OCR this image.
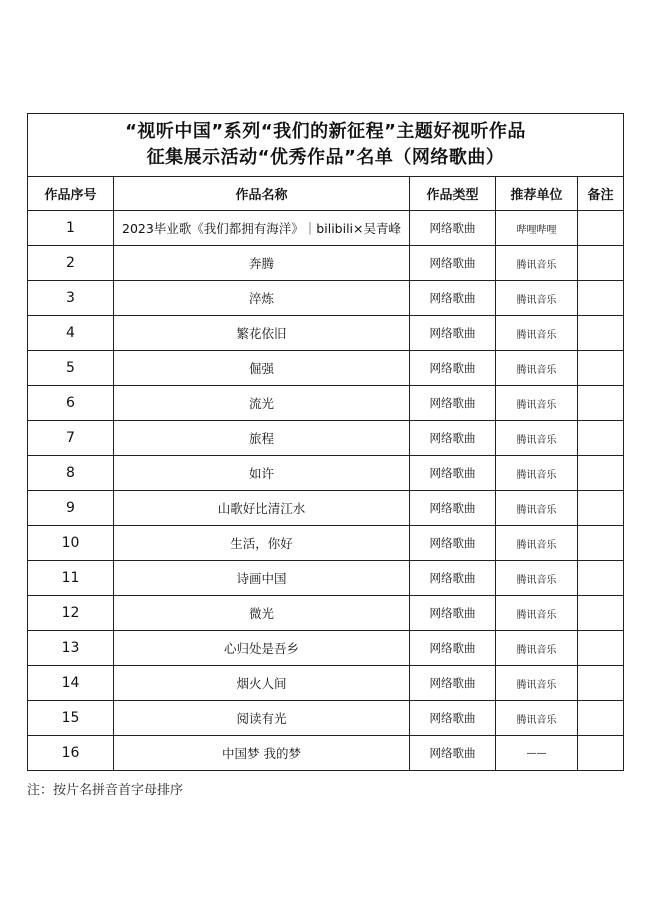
“视听中国”系列“我们的新征程”主题好视听作品
征集展示活动“优秀作品”名单（网络歌曲）				

作品序号	作品名称	作品类型	推荐单位	备注
1	2023毕业歌《我们都拥有海洋》｜bilibili×吴青峰	网络歌曲	哔哩哔哩	
2	奔腾	网络歌曲	腾讯音乐	
3	淬炼	网络歌曲	腾讯音乐	
4	繁花依旧	网络歌曲	腾讯音乐	
5	倔强	网络歌曲	腾讯音乐	
6	流光	网络歌曲	腾讯音乐	
7	旅程	网络歌曲	腾讯音乐	
8	如许	网络歌曲	腾讯音乐	
9	山歌好比清江水	网络歌曲	腾讯音乐	
10	生活，你好	网络歌曲	腾讯音乐	
11	诗画中国	网络歌曲	腾讯音乐	
12	微光	网络歌曲	腾讯音乐	
13	心归处是吾乡	网络歌曲	腾讯音乐	
14	烟火人间	网络歌曲	腾讯音乐	
15	阅读有光	网络歌曲	腾讯音乐	
16	中国梦 我的梦	网络歌曲	——	
注：按片名拼音首字母排序
